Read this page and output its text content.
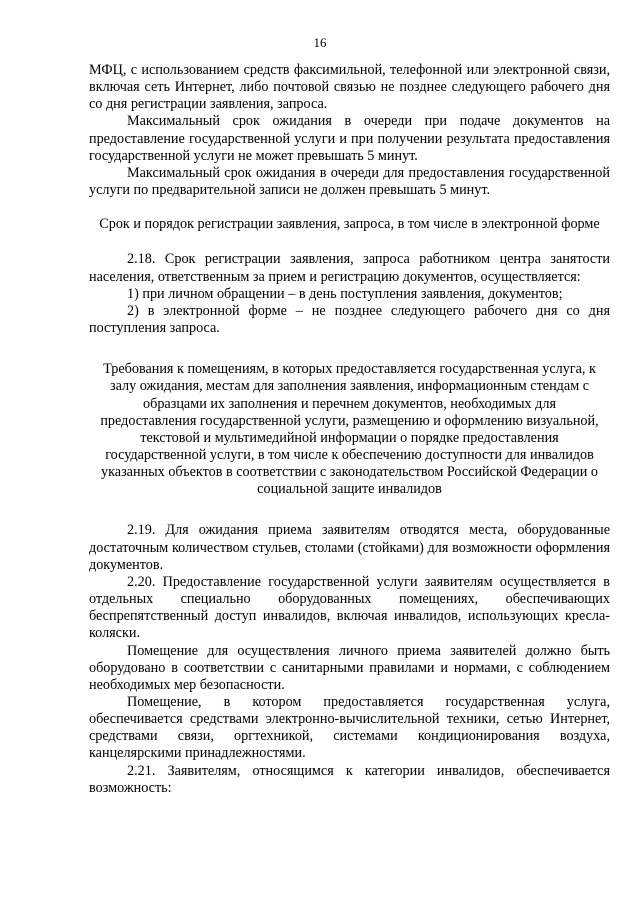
16

МФЦ, с использованием средств факсимильной, телефонной или электронной связи, включая сеть Интернет, либо почтовой связью не позднее следующего рабочего дня со дня регистрации заявления, запроса.

Максимальный срок ожидания в очереди при подаче документов на предоставление государственной услуги и при получении результата предоставления государственной услуги не может превышать 5 минут.

Максимальный срок ожидания в очереди для предоставления государственной услуги по предварительной записи не должен превышать 5 минут.

Срок и порядок регистрации заявления, запроса, в том числе в электронной форме

2.18. Срок регистрации заявления, запроса работником центра занятости населения, ответственным за прием и регистрацию документов, осуществляется:

1) при личном обращении – в день поступления заявления, документов;

2) в электронной форме – не позднее следующего рабочего дня со дня поступления запроса.

Требования к помещениям, в которых предоставляется государственная услуга, к залу ожидания, местам для заполнения заявления, информационным стендам с образцами их заполнения и перечнем документов, необходимых для предоставления государственной услуги, размещению и оформлению визуальной, текстовой и мультимедийной информации о порядке предоставления государственной услуги, в том числе к обеспечению доступности для инвалидов указанных объектов в соответствии с законодательством Российской Федерации о социальной защите инвалидов

2.19. Для ожидания приема заявителям отводятся места, оборудованные достаточным количеством стульев, столами (стойками) для возможности оформления документов.

2.20. Предоставление государственной услуги заявителям осуществляется в отдельных специально оборудованных помещениях, обеспечивающих беспрепятственный доступ инвалидов, включая инвалидов, использующих кресла-коляски.

Помещение для осуществления личного приема заявителей должно быть оборудовано в соответствии с санитарными правилами и нормами, с соблюдением необходимых мер безопасности.

Помещение, в котором предоставляется государственная услуга, обеспечивается средствами электронно-вычислительной техники, сетью Интернет, средствами связи, оргтехникой, системами кондиционирования воздуха, канцелярскими принадлежностями.

2.21. Заявителям, относящимся к категории инвалидов, обеспечивается возможность:
